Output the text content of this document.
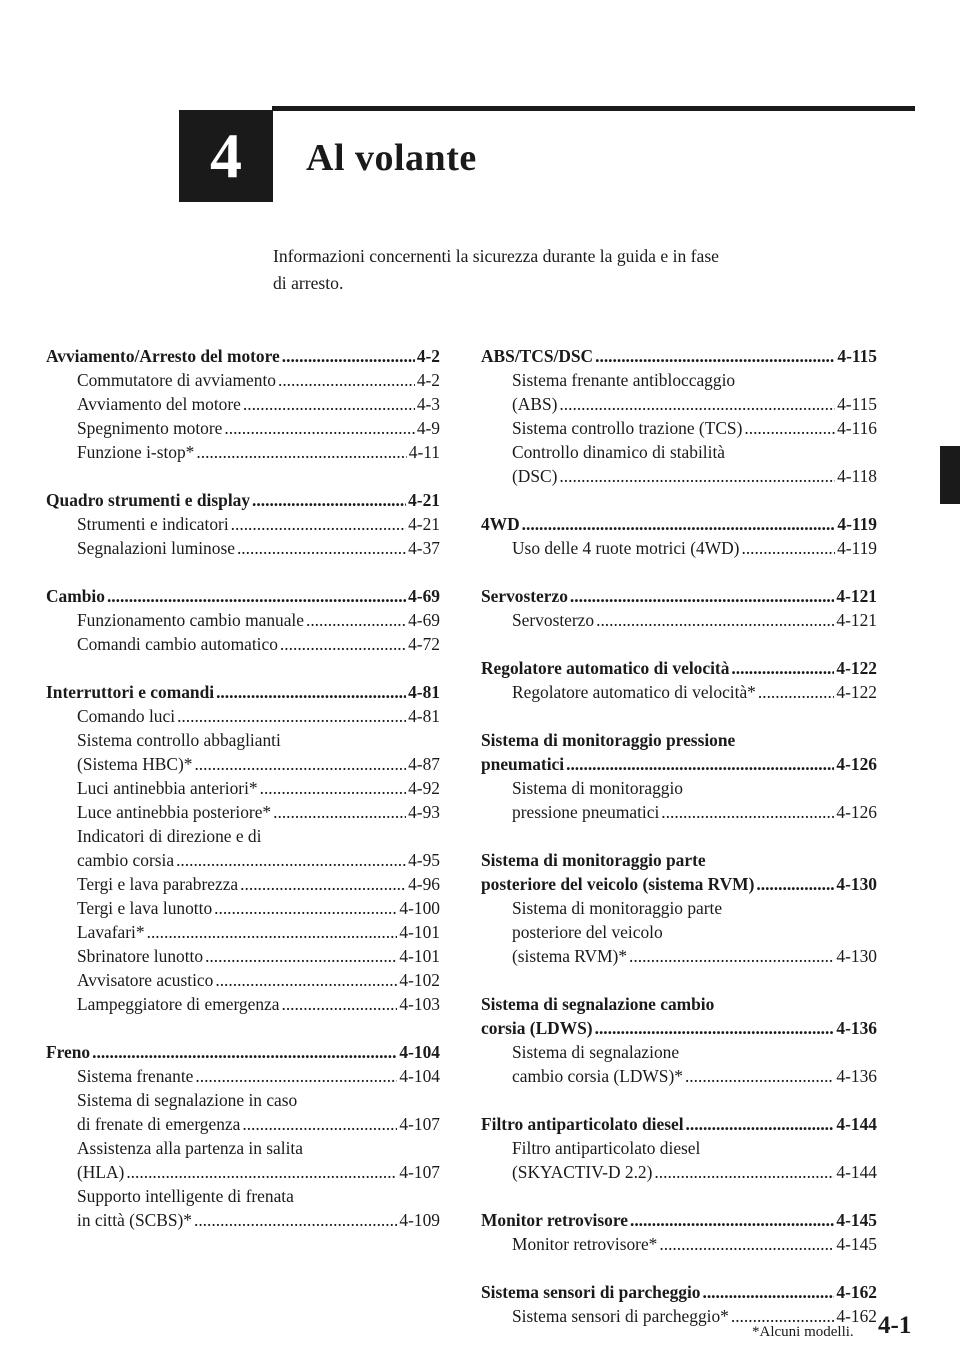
4 Al volante
Informazioni concernenti la sicurezza durante la guida e in fase
di arresto.
Avviamento/Arresto del motore .....	4-2
Commutatore di avviamento .....	4-2
Avviamento del motore .....	4-3
Spegnimento motore .....	4-9
Funzione i-stop* .....	4-11
Quadro strumenti e display .....	4-21
Strumenti e indicatori .....	4-21
Segnalazioni luminose .....	4-37
Cambio .....	4-69
Funzionamento cambio manuale .....	4-69
Comandi cambio automatico .....	4-72
Interruttori e comandi .....	4-81
Comando luci .....	4-81
Sistema controllo abbaglianti
(Sistema HBC)* .....	4-87
Luci antinebbia anteriori* .....	4-92
Luce antinebbia posteriore* .....	4-93
Indicatori di direzione e di
cambio corsia .....	4-95
Tergi e lava parabrezza .....	4-96
Tergi e lava lunotto .....	4-100
Lavafari* .....	4-101
Sbrinatore lunotto .....	4-101
Avvisatore acustico .....	4-102
Lampeggiatore di emergenza .....	4-103
Freno .....	4-104
Sistema frenante .....	4-104
Sistema di segnalazione in caso
di frenate di emergenza .....	4-107
Assistenza alla partenza in salita
(HLA) .....	4-107
Supporto intelligente di frenata
in città (SCBS)* .....	4-109
ABS/TCS/DSC .....	4-115
Sistema frenante antibloccaggio
(ABS) .....	4-115
Sistema controllo trazione (TCS) .....	4-116
Controllo dinamico di stabilità
(DSC) .....	4-118
4WD .....	4-119
Uso delle 4 ruote motrici (4WD) .....	4-119
Servosterzo .....	4-121
Servosterzo .....	4-121
Regolatore automatico di velocità .....	4-122
Regolatore automatico di velocità* .....	4-122
Sistema di monitoraggio pressione
pneumatici .....	4-126
Sistema di monitoraggio
pressione pneumatici .....	4-126
Sistema di monitoraggio parte
posteriore del veicolo (sistema RVM) .....	4-130
Sistema di monitoraggio parte
posteriore del veicolo
(sistema RVM)* .....	4-130
Sistema di segnalazione cambio
corsia (LDWS) .....	4-136
Sistema di segnalazione
cambio corsia (LDWS)* .....	4-136
Filtro antiparticolato diesel .....	4-144
Filtro antiparticolato diesel
(SKYACTIV-D 2.2) .....	4-144
Monitor retrovisore .....	4-145
Monitor retrovisore* .....	4-145
Sistema sensori di parcheggio .....	4-162
Sistema sensori di parcheggio* .....	4-162
*Alcuni modelli. 4-1
